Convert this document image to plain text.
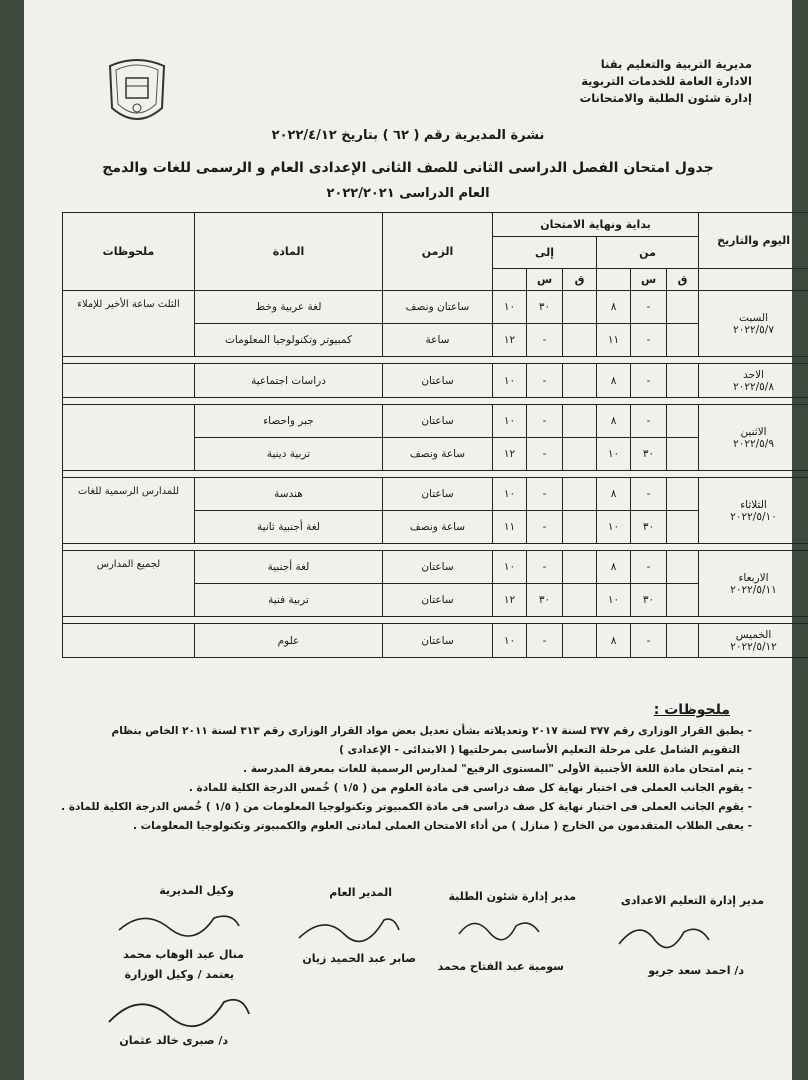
مديرية التربية والتعليم بقنا
الادارة العامة للخدمات التربوية
إدارة شئون الطلبة والامتحانات
نشرة المديرية رقم ( ٦٢ ) بتاريخ ٢٠٢٢/٤/١٢
جدول امتحان الفصل الدراسى الثانى للصف الثانى الإعدادى العام و الرسمى للغات والدمج
العام الدراسى ٢٠٢٢/٢٠٢١
اليوم والتاريخ	بداية ونهاية الامتحان						الزمن	المادة	ملحوظات
	من			إلى					
	ق	س		ق	س				

السبت
٢٠٢٢/٥/٧		-	٨		٣٠	١٠	ساعتان ونصف	لغة عربية وخط	الثلث ساعة الأخير للإملاء
		-	١١		-	١٢	ساعة	كمبيوتر وتكنولوجيا المعلومات	

الاحد
٢٠٢٢/٥/٨		-	٨		-	١٠	ساعتان	دراسات اجتماعية	

الاثنين
٢٠٢٢/٥/٩		-	٨		-	١٠	ساعتان	جبر واحصاء	
		٣٠	١٠		-	١٢	ساعة ونصف	تربية دينية	

الثلاثاء
٢٠٢٢/٥/١٠		-	٨		-	١٠	ساعتان	هندسة	للمدارس الرسمية للغات
		٣٠	١٠		-	١١	ساعة ونصف	لغة أجنبية ثانية	

الاربعاء
٢٠٢٢/٥/١١		-	٨		-	١٠	ساعتان	لغة أجنبية	لجميع المدارس
		٣٠	١٠		٣٠	١٢	ساعتان	تربية فنية	

الخميس
٢٠٢٢/٥/١٢		-	٨		-	١٠	ساعتان	علوم	
ملحوظات :
- يطبق القرار الوزارى رقم ٣٧٧ لسنة ٢٠١٧ وتعديلاته بشأن تعديل بعض مواد القرار الوزارى رقم ٣١٣ لسنة ٢٠١١ الخاص بنظام
التقويم الشامل على مرحلة التعليم الأساسى بمرحلتيها ( الابتدائى - الإعدادى )
- يتم امتحان مادة اللغة الأجنبية الأولى "المستوى الرفيع" لمدارس الرسمية للغات بمعرفة المدرسة .
- يقوم الجانب العملى فى اختبار نهاية كل صف دراسى فى مادة العلوم من ( ١/٥ ) خُمس الدرجة الكلية للمادة .
- يقوم الجانب العملى فى اختبار نهاية كل صف دراسى فى مادة الكمبيوتر وتكنولوجيا المعلومات من ( ١/٥ ) خُمس الدرجة الكلية للمادة .
- يعفى الطلاب المتقدمون من الخارج ( منازل ) من أداء الامتحان العملى لمادتى العلوم والكمبيوتر وتكنولوجيا المعلومات .
مدير إدارة التعليم الاعدادى
د/ احمد سعد جريو
مدير إدارة شئون الطلبة
سومية عبد الفتاح محمد
المدير العام
صابر عبد الحميد زيان
وكيل المديرية
منال عبد الوهاب محمد
يعتمد / وكيل الوزارة
د/ صبرى خالد عثمان
